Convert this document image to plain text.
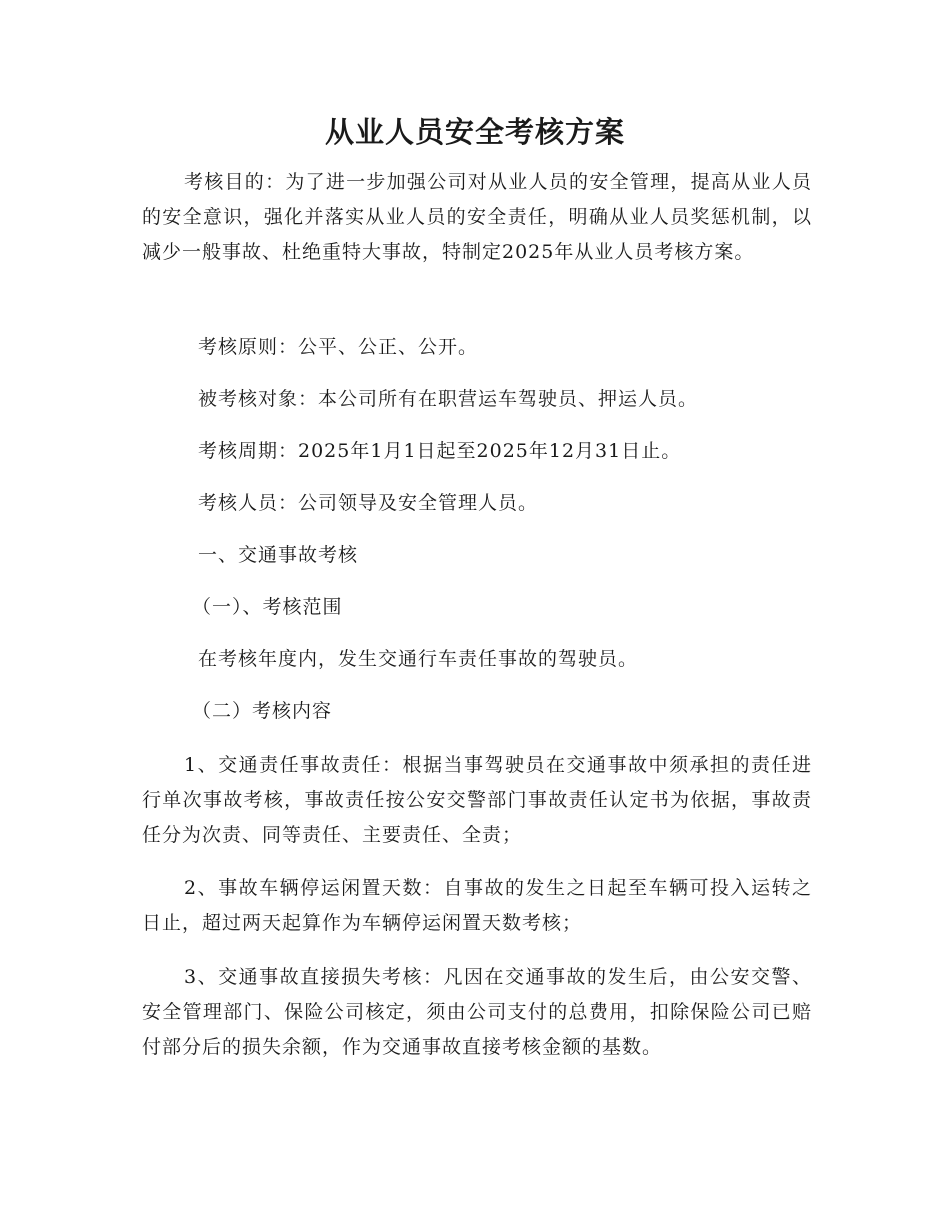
从业人员安全考核方案

考核目的：为了进一步加强公司对从业人员的安全管理，提高从业人员的安全意识，强化并落实从业人员的安全责任，明确从业人员奖惩机制，以减少一般事故、杜绝重特大事故，特制定2025年从业人员考核方案。

考核原则：公平、公正、公开。
被考核对象：本公司所有在职营运车驾驶员、押运人员。
考核周期：2025年1月1日起至2025年12月31日止。
考核人员：公司领导及安全管理人员。
一、交通事故考核
（一）、考核范围
在考核年度内，发生交通行车责任事故的驾驶员。
（二）考核内容

1、交通责任事故责任：根据当事驾驶员在交通事故中须承担的责任进行单次事故考核，事故责任按公安交警部门事故责任认定书为依据，事故责任分为次责、同等责任、主要责任、全责；

2、事故车辆停运闲置天数：自事故的发生之日起至车辆可投入运转之日止，超过两天起算作为车辆停运闲置天数考核；

3、交通事故直接损失考核：凡因在交通事故的发生后，由公安交警、安全管理部门、保险公司核定，须由公司支付的总费用，扣除保险公司已赔付部分后的损失余额，作为交通事故直接考核金额的基数。
